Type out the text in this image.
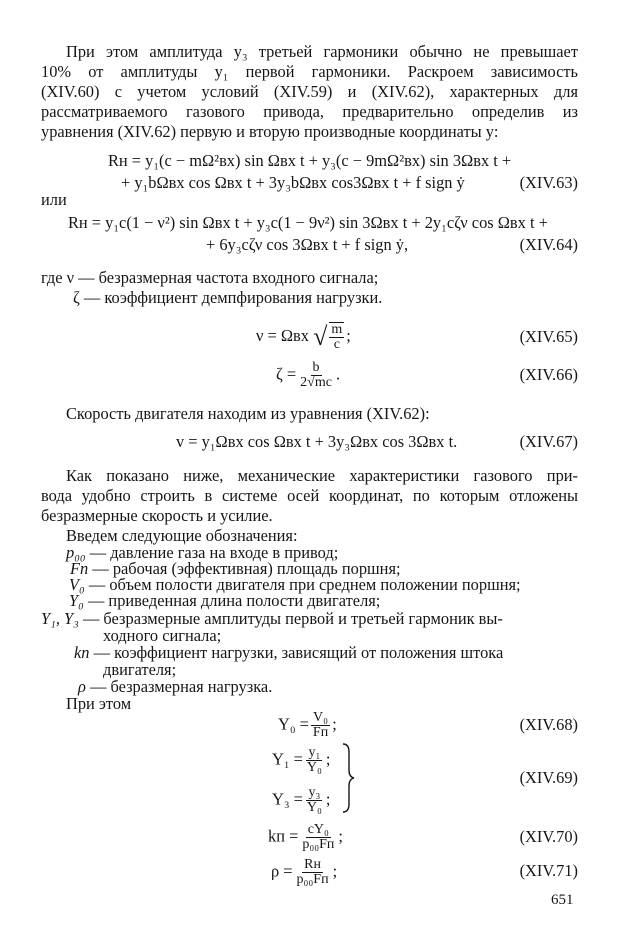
При этом амплитуда y₃ третьей гармоники обычно не превышает
10% от амплитуды y₁ первой гармоники. Раскроем зависимость
(XIV.60) с учетом условий (XIV.59) и (XIV.62), характерных для
рассматриваемого газового привода, предварительно определив из
уравнения (XIV.62) первую и вторую производные координаты y:
Rн = y₁(c − mΩ²вх) sin Ωвх t + y₃(c − 9mΩ²вх) sin 3Ωвх t +
+ y₁bΩвх cos Ωвх t + 3y₃bΩвх cos3Ωвх t + f sign ẏ	(XIV.63)
или
Rн = y₁c(1 − ν²) sin Ωвх t + y₃c(1 − 9ν²) sin 3Ωвх t + 2y₁cζν cos Ωвх t +
+ 6y₃cζν cos 3Ωвх t + f sign ẏ,	(XIV.64)
где ν — безразмерная частота входного сигнала;
ζ — коэффициент демпфирования нагрузки.
ν = Ωвх √ $\frac{m}{c}$ ;	(XIV.65)
$\zeta = \frac{b}{2√mc}$ .	(XIV.66)
Скорость двигателя находим из уравнения (XIV.62):
v = y₁Ωвх cos Ωвх t + 3y₃Ωвх cos 3Ωвх t.	(XIV.67)
Как показано ниже, механические характеристики газового при-
вода удобно строить в системе осей координат, по которым отложены
безразмерные скорость и усилие.
Введем следующие обозначения:
p₀₀ — давление газа на входе в привод;
Fп — рабочая (эффективная) площадь поршня;
V₀ — объем полости двигателя при среднем положении поршня;
Y₀ — приведенная длина полости двигателя;
Y₁, Y₃ — безразмерные амплитуды первой и третьей гармоник вы-
ходного сигнала;
kп — коэффициент нагрузки, зависящий от положения штока
двигателя;
ρ — безразмерная нагрузка.
При этом
$Y_0 = \frac{\text{V₀}}{Fп}$ ;	(XIV.68)
$Y_1 = \frac{\text{y₁}}{\text{Y₀}}$ ;
$Y_3 = \frac{\text{y₃}}{\text{Y₀}}$ ;
(XIV.69)
kп = $\frac{\text{cY₀}}{\text{p₀₀Fп}}$ ;	(XIV.70)
$\rho = \frac{Rн}{\text{p₀₀Fп}}$ ;	(XIV.71)
651
